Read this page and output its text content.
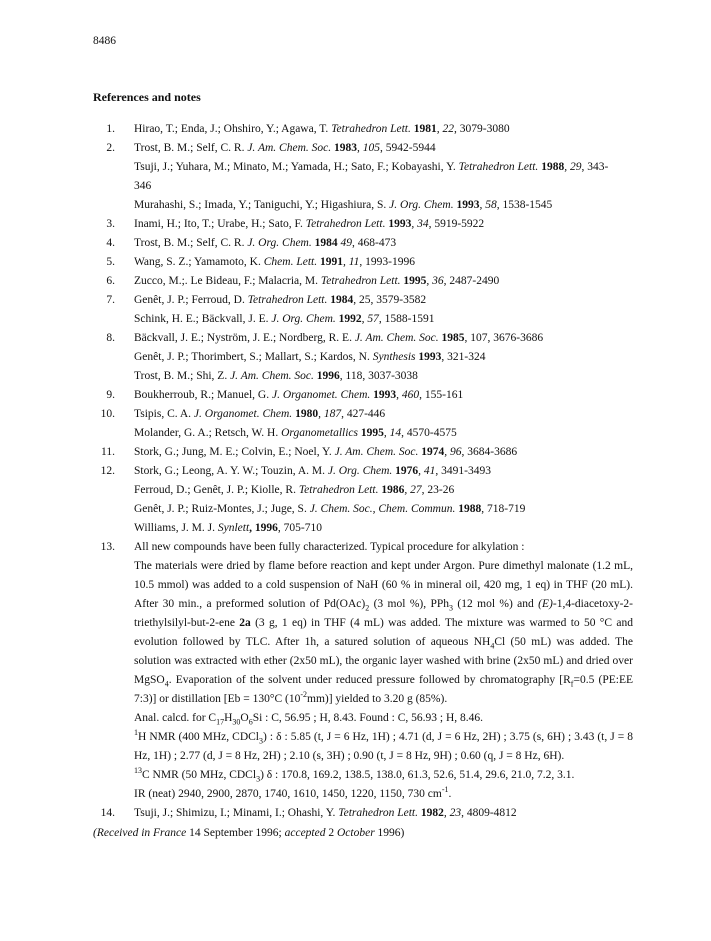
8486
References and notes
1. Hirao, T.; Enda, J.; Ohshiro, Y.; Agawa, T. Tetrahedron Lett. 1981, 22, 3079-3080
2. Trost, B. M.; Self, C. R. J. Am. Chem. Soc. 1983, 105, 5942-5944
Tsuji, J.; Yuhara, M.; Minato, M.; Yamada, H.; Sato, F.; Kobayashi, Y. Tetrahedron Lett. 1988, 29, 343-
346
Murahashi, S.; Imada, Y.; Taniguchi, Y.; Higashiura, S. J. Org. Chem. 1993, 58, 1538-1545
3. Inami, H.; Ito, T.; Urabe, H.; Sato, F. Tetrahedron Lett. 1993, 34, 5919-5922
4. Trost, B. M.; Self, C. R. J. Org. Chem. 1984 49, 468-473
5. Wang, S. Z.; Yamamoto, K. Chem. Lett. 1991, 11, 1993-1996
6. Zucco, M.;. Le Bideau, F.; Malacria, M. Tetrahedron Lett. 1995, 36, 2487-2490
7. Genêt, J. P.; Ferroud, D. Tetrahedron Lett. 1984, 25, 3579-3582
Schink, H. E.; Bäckvall, J. E. J. Org. Chem. 1992, 57, 1588-1591
8. Bäckvall, J. E.; Nyström, J. E.; Nordberg, R. E. J. Am. Chem. Soc. 1985, 107, 3676-3686
Genêt, J. P.; Thorimbert, S.; Mallart, S.; Kardos, N. Synthesis 1993, 321-324
Trost, B. M.; Shi, Z. J. Am. Chem. Soc. 1996, 118, 3037-3038
9. Boukherroub, R.; Manuel, G. J. Organomet. Chem. 1993, 460, 155-161
10. Tsipis, C. A. J. Organomet. Chem. 1980, 187, 427-446
Molander, G. A.; Retsch, W. H. Organometallics 1995, 14, 4570-4575
11. Stork, G.; Jung, M. E.; Colvin, E.; Noel, Y. J. Am. Chem. Soc. 1974, 96, 3684-3686
12. Stork, G.; Leong, A. Y. W.; Touzin, A. M. J. Org. Chem. 1976, 41, 3491-3493
Ferroud, D.; Genêt, J. P.; Kiolle, R. Tetrahedron Lett. 1986, 27, 23-26
Genêt, J. P.; Ruiz-Montes, J.; Juge, S. J. Chem. Soc., Chem. Commun. 1988, 718-719
Williams, J. M. J. Synlett, 1996, 705-710
13. All new compounds have been fully characterized. Typical procedure for alkylation :
The materials were dried by flame before reaction and kept under Argon. Pure dimethyl malonate (1.2 mL, 10.5 mmol) was added to a cold suspension of NaH (60 % in mineral oil, 420 mg, 1 eq) in THF (20 mL). After 30 min., a preformed solution of $Pd(OAc)_2$ (3 mol %), PPh$_3$ (12 mol %) and (E)-1,4-diacetoxy-2-triethylsilyl-but-2-ene 2a (3 g, 1 eq) in THF (4 mL) was added. The mixture was warmed to 50 °C and evolution followed by TLC. After 1h, a satured solution of aqueous $NH_4Cl$ (50 mL) was added. The solution was extracted with ether (2x50 mL), the organic layer washed with brine (2x50 mL) and dried over MgSO$_4$. Evaporation of the solvent under reduced pressure followed by chromatography [$R_f=0.5$ (PE:EE 7:3)] or distillation [Eb = 130°C $(10^{-2}mm)$] yielded to 3.20 g (85%).
Anal. calcd. for $C_{17}H_{30}O_6Si$ : C, 56.95 ; H, 8.43. Found : C, 56.93 ; H, 8.46.
$^1$H NMR (400 MHz, CDCl$_3$) : δ : 5.85 (t, J = 6 Hz, 1H) ; 4.71 (d, J = 6 Hz, 2H) ; 3.75 (s, 6H) ; 3.43 (t, J = 8 Hz, 1H) ; 2.77 (d, J = 8 Hz, 2H) ; 2.10 (s, 3H) ; 0.90 (t, J = 8 Hz, 9H) ; 0.60 (q, J = 8 Hz, 6H).
$^{13}$C NMR (50 MHz, CDCl$_3$) δ : 170.8, 169.2, 138.5, 138.0, 61.3, 52.6, 51.4, 29.6, 21.0, 7.2, 3.1.
IR (neat) 2940, 2900, 2870, 1740, 1610, 1450, 1220, 1150, 730 $cm^{-1}$.
14. Tsuji, J.; Shimizu, I.; Minami, I.; Ohashi, Y. Tetrahedron Lett. 1982, 23, 4809-4812
(Received in France 14 September 1996; accepted 2 October 1996)
